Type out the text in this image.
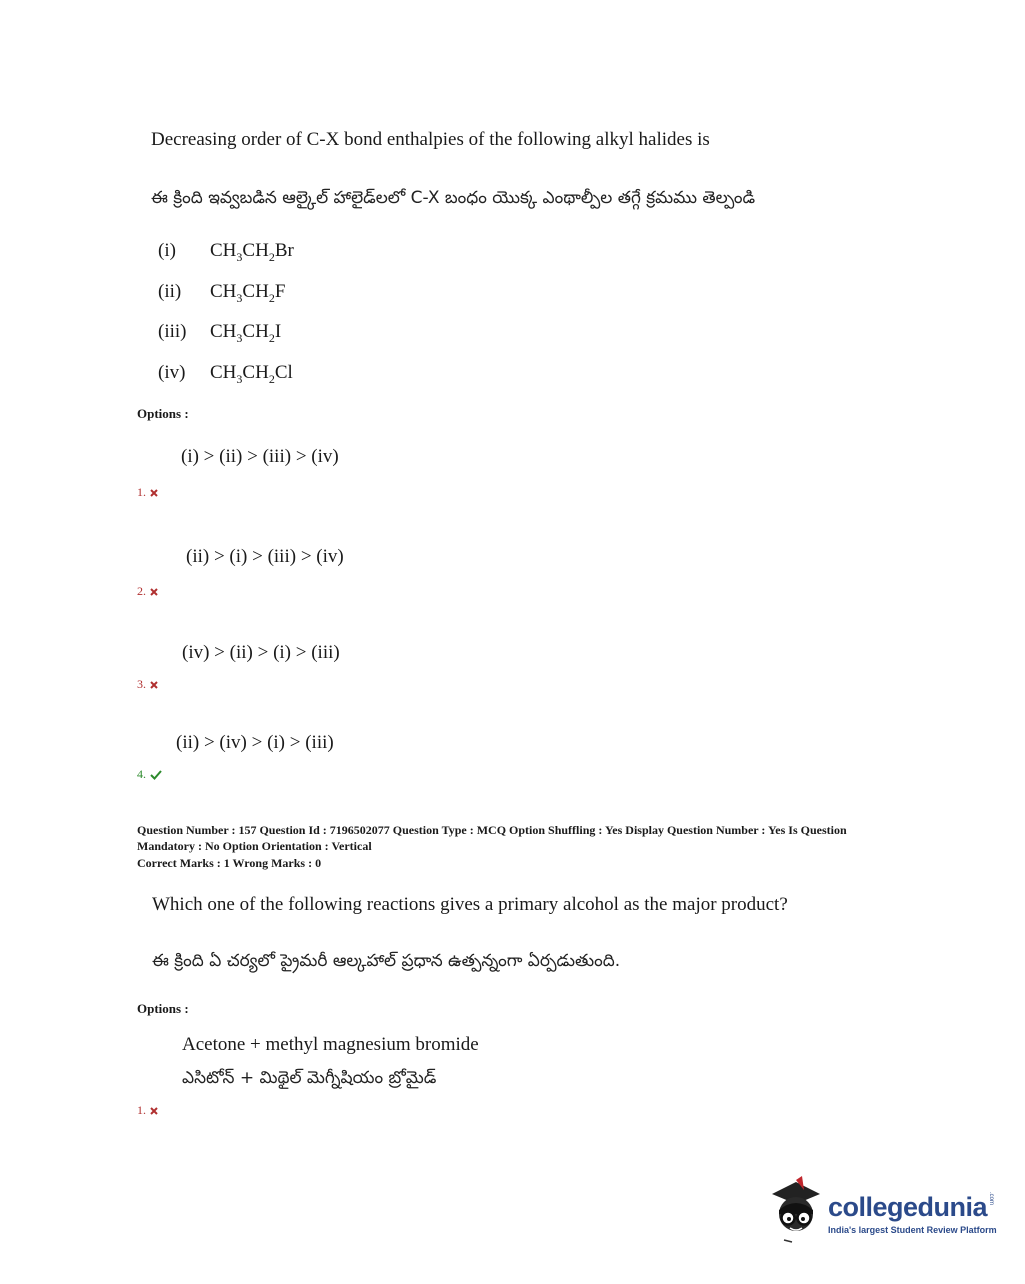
Decreasing order of C-X bond enthalpies of the following alkyl halides is
ఈ క్రింది ఇవ్వబడిన ఆల్కైల్ హాలైడ్‌లలో C-X బంధం యొక్క ఎంథాల్పీల తగ్గే క్రమము తెల్పండి
(i) $CH_3CH_2Br$
(ii) $CH_3CH_2F$
(iii) $CH_3CH_2I$
(iv) $CH_3CH_2Cl$
Options :
(i) > (ii) > (iii) > (iv)
1.
(ii) > (i) > (iii) > (iv)
2.
(iv) > (ii) > (i) > (iii)
3.
(ii) > (iv) > (i) > (iii)
4.
Question Number : 157 Question Id : 7196502077 Question Type : MCQ Option Shuffling : Yes Display Question Number : Yes Is Question
Mandatory : No Option Orientation : Vertical
Correct Marks : 1 Wrong Marks : 0
Which one of the following reactions gives a primary alcohol as the major product?
ఈ క్రింది ఏ చర్యలో ప్రైమరీ ఆల్కహాల్ ప్రధాన ఉత్పన్నంగా ఏర్పడుతుంది.
Options :
Acetone + methyl magnesium bromide
ఎసిటోన్ + మిథైల్ మెగ్నీషియం బ్రోమైడ్
1.
collegedunia .com
India's largest Student Review Platform
